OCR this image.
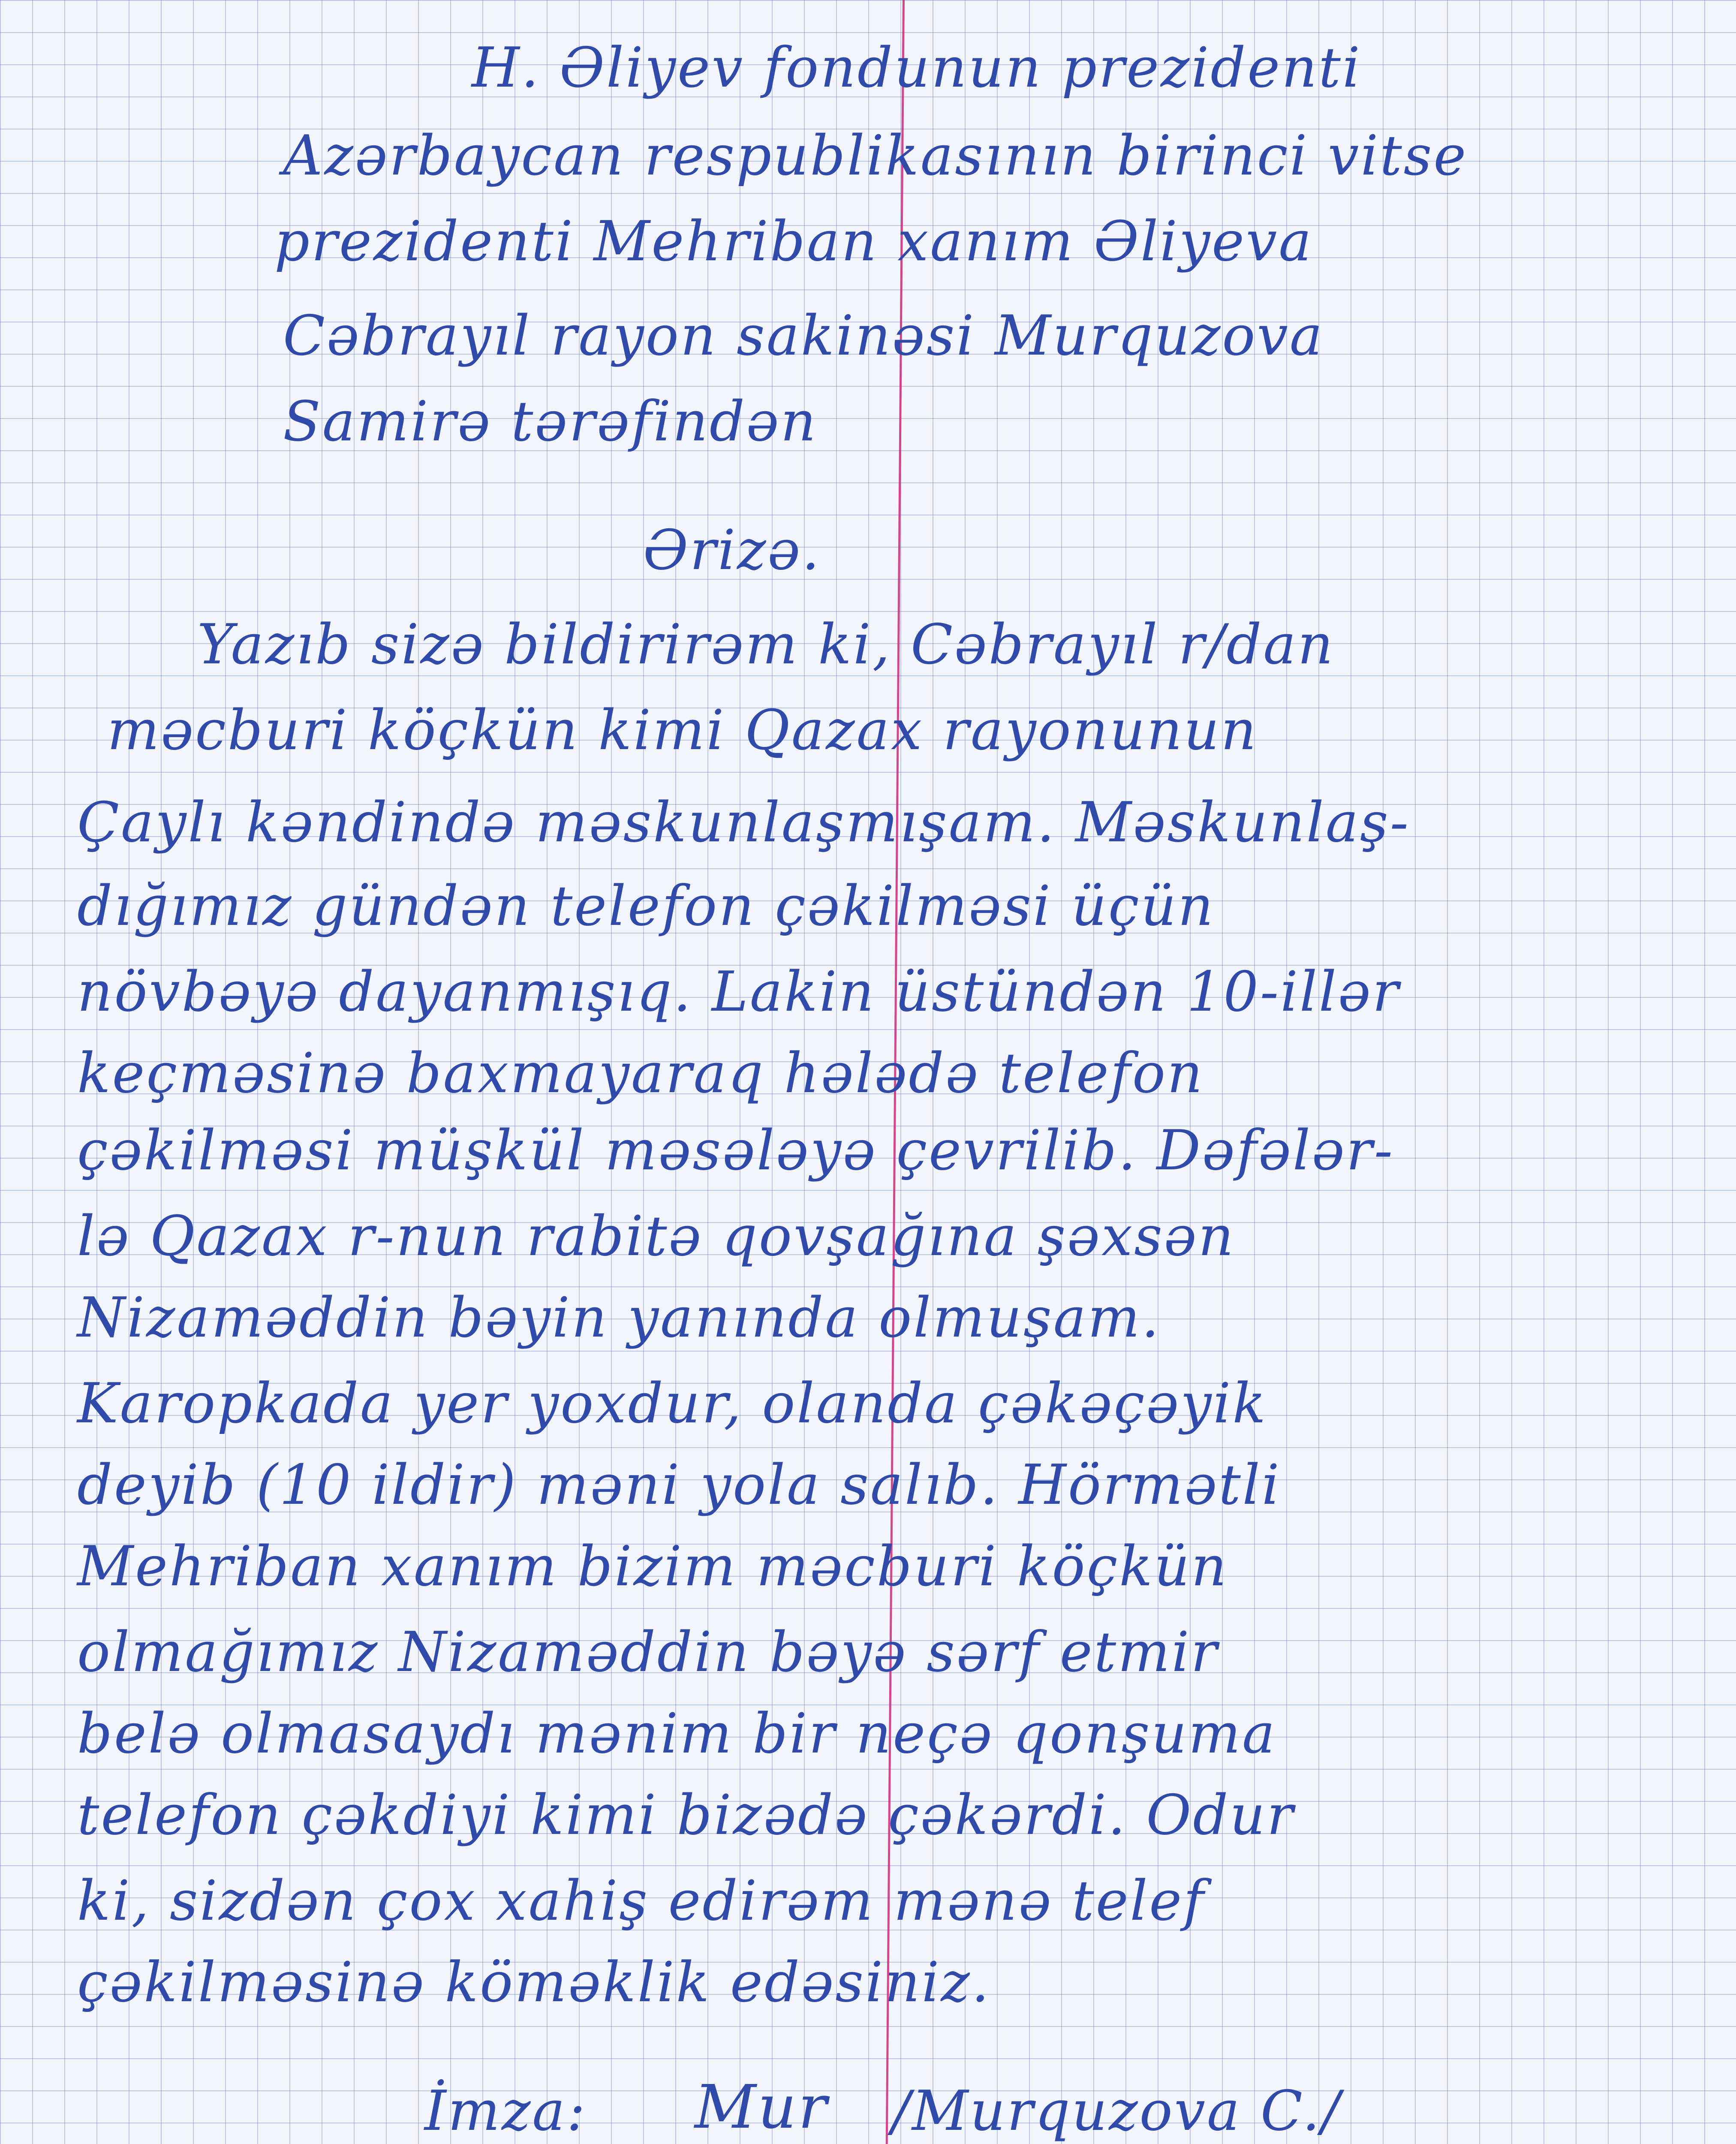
H. Əliyev fondunun prezidenti
Azərbaycan respublikasının birinci vitse
prezidenti Mehriban xanım Əliyeva
Cəbrayıl rayon sakinəsi Murquzova
Samirə tərəfindən
Ərizə.
Yazıb sizə bildirirəm ki, Cəbrayıl r/dan
məcburi köçkün kimi Qazax rayonunun
Çaylı kəndində məskunlaşmışam. Məskunlaş-
dığımız gündən telefon çəkilməsi üçün
növbəyə dayanmışıq. Lakin üstündən 10-illər
keçməsinə baxmayaraq hələdə telefon
çəkilməsi müşkül məsələyə çevrilib. Dəfələr-
lə Qazax r-nun rabitə qovşağına şəxsən
Nizaməddin bəyin yanında olmuşam.
Karopkada yer yoxdur, olanda çəkəçəyik
deyib (10 ildir) məni yola salıb. Hörmətli
Mehriban xanım bizim məcburi köçkün
olmağımız Nizaməddin bəyə sərf etmir
belə olmasaydı mənim bir neçə qonşuma
telefon çəkdiyi kimi bizədə çəkərdi. Odur
ki, sizdən çox xahiş edirəm mənə telef
çəkilməsinə köməklik edəsiniz.
İmza: Mur /Murquzova C./
